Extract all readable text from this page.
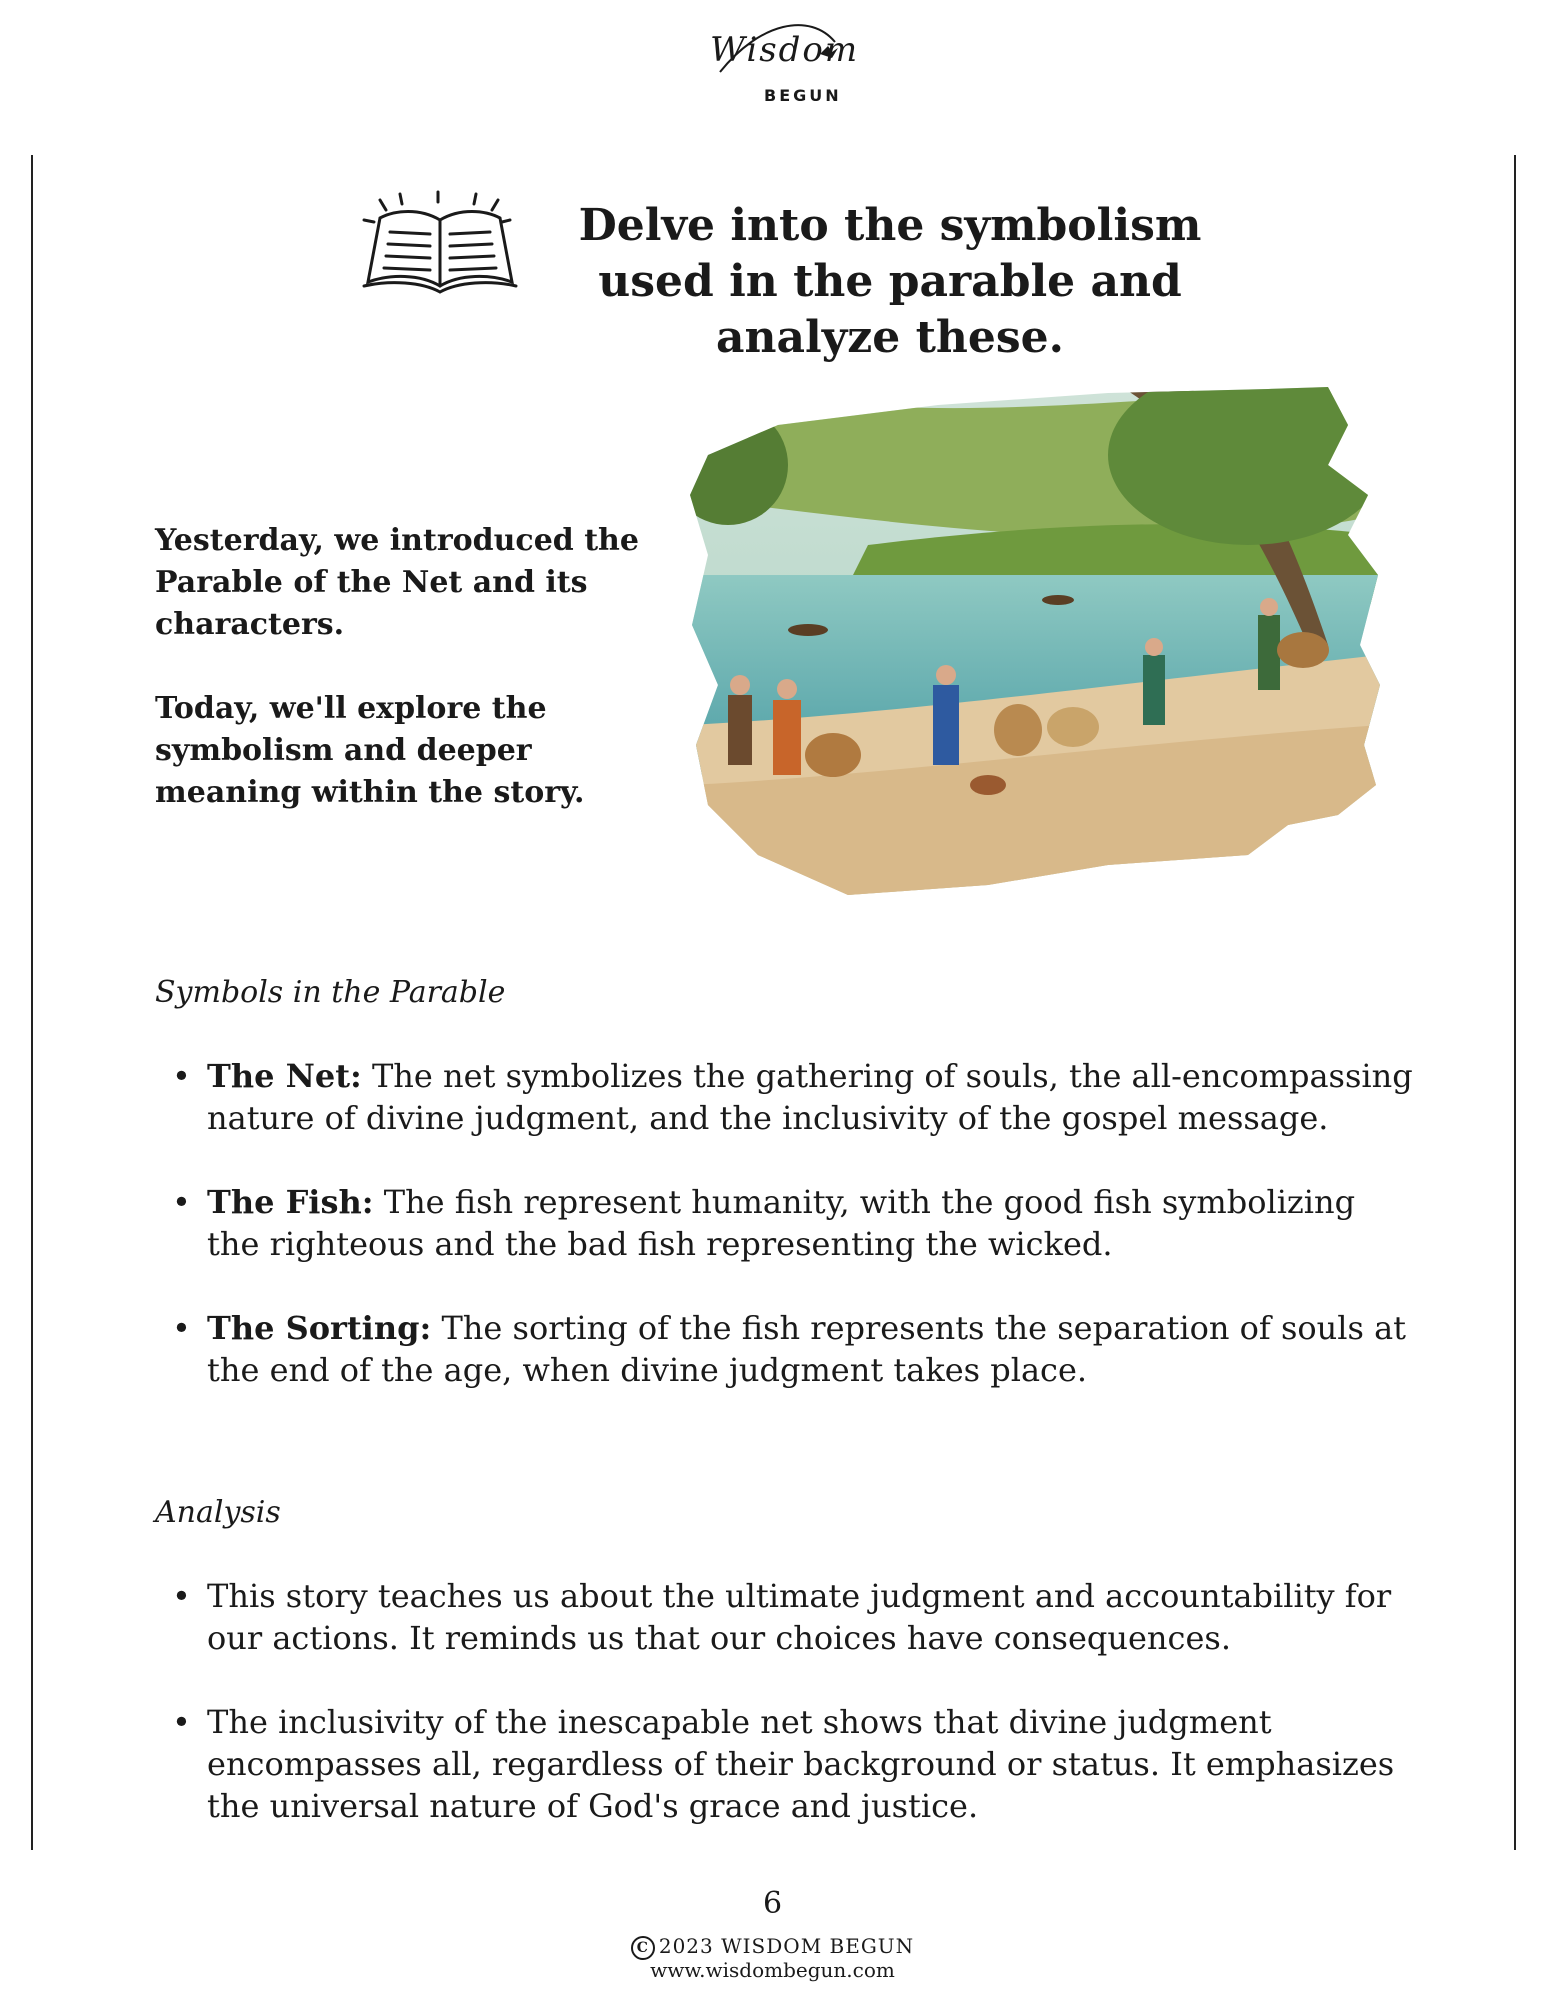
Wisdom
BEGUN
Delve into the symbolism used in the parable and analyze these.

Yesterday, we introduced the Parable of the Net and its characters.

Today, we'll explore the symbolism and deeper meaning within the story.

Symbols in the Parable
• The Net: The net symbolizes the gathering of souls, the all-encompassing nature of divine judgment, and the inclusivity of the gospel message.
• The Fish: The fish represent humanity, with the good fish symbolizing the righteous and the bad fish representing the wicked.
• The Sorting: The sorting of the fish represents the separation of souls at the end of the age, when divine judgment takes place.
Analysis
• This story teaches us about the ultimate judgment and accountability for our actions. It reminds us that our choices have consequences.
• The inclusivity of the inescapable net shows that divine judgment encompasses all, regardless of their background or status. It emphasizes the universal nature of God's grace and justice.
6
C 2023 WISDOM BEGUN
www.wisdombegun.com
